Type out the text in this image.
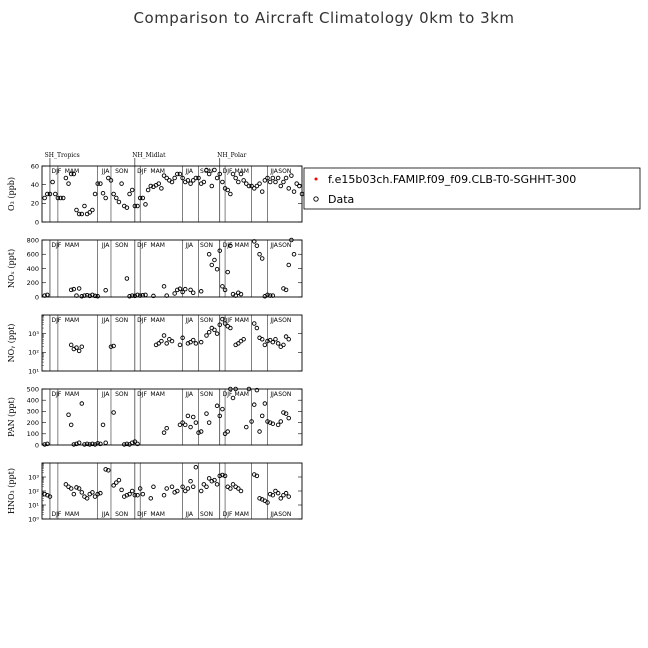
Comparison to Aircraft Climatology 0km to 3km
SH_Tropics	NH_Midlat	NH_Polar
DJF MAM	JJA SON DJF MAM	JJA SON DJF MAM	JJA SON
0
20
40
60
O₃ (ppb)
DJF MAM	JJA SON DJF MAM	JJA SON DJF MAM	JJA SON
0
200
400
600
800
NOₓ (ppt)
DJF MAM	JJA SON DJF MAM	JJA SON DJF MAM	JJA SON
10¹
10²
10³
NOᵧ (ppt)
DJF MAM	JJA SON DJF MAM	JJA SON DJF MAM	JJA SON
0
100
200
300
400
500
PAN (ppt)
DJF MAM	JJA SON DJF MAM	JJA SON DJF MAM	JJA SON
10⁰
10¹
10²
10³
HNO₃ (ppt)
f.e15b03ch.FAMIP.f09_f09.CLB-T0-SGHHT-300
Data
